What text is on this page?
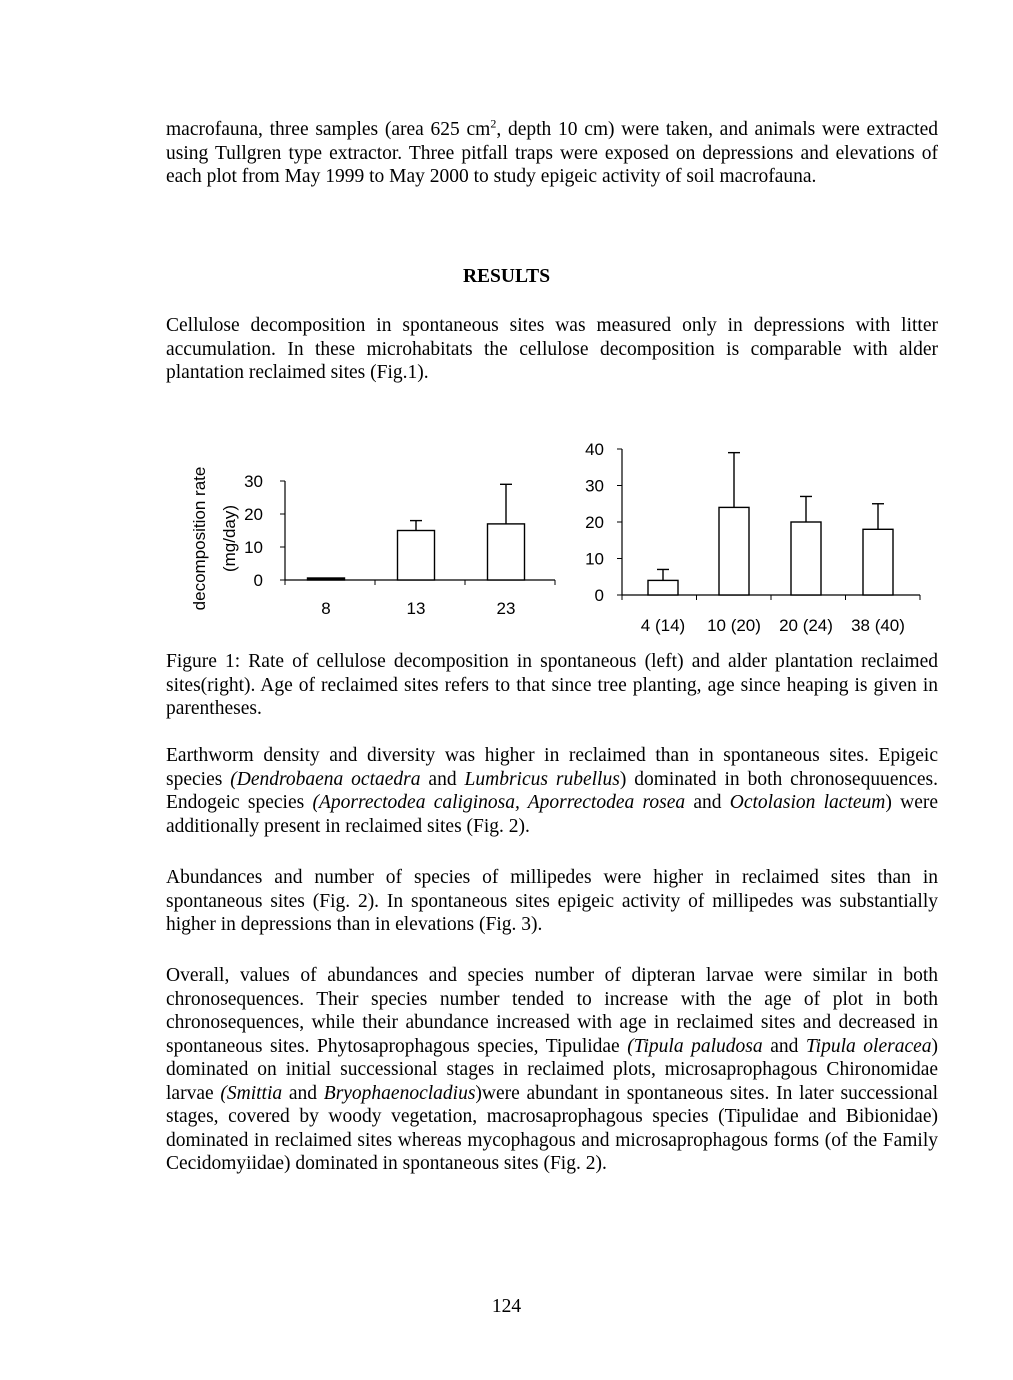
macrofauna, three samples (area 625 $cm^2$, depth 10 cm) were taken, and animals were extracted using Tullgren type extractor. Three pitfall traps were exposed on depressions and elevations of each plot from May 1999 to May 2000 to study epigeic activity of soil macrofauna.
RESULTS
Cellulose decomposition in spontaneous sites was measured only in depressions with litter accumulation. In these microhabitats the cellulose decomposition is comparable with alder plantation reclaimed sites (Fig.1).
0
10
20
30
8	13	23
decomposition rate (mg/day)
0
10
20
30
40
4 (14) 10 (20) 20 (24) 38 (40)
Figure 1: Rate of cellulose decomposition in spontaneous (left) and alder plantation reclaimed sites(right). Age of reclaimed sites refers to that since tree planting, age since heaping is given in parentheses.
Earthworm density and diversity was higher in reclaimed than in spontaneous sites. Epigeic species (Dendrobaena octaedra and Lumbricus rubellus) dominated in both chronosequuences. Endogeic species (Aporrectodea caliginosa, Aporrectodea rosea and Octolasion lacteum) were additionally present in reclaimed sites (Fig. 2).
Abundances and number of species of millipedes were higher in reclaimed sites than in spontaneous sites (Fig. 2). In spontaneous sites epigeic activity of millipedes was substantially higher in depressions than in elevations (Fig. 3).
Overall, values of abundances and species number of dipteran larvae were similar in both chronosequences. Their species number tended to increase with the age of plot in both chronosequences, while their abundance increased with age in reclaimed sites and decreased in spontaneous sites. Phytosaprophagous species, Tipulidae (Tipula paludosa and Tipula oleracea) dominated on initial successional stages in reclaimed plots, microsaprophagous Chironomidae larvae (Smittia and Bryophaenocladius)were abundant in spontaneous sites. In later successional stages, covered by woody vegetation, macrosaprophagous species (Tipulidae and Bibionidae) dominated in reclaimed sites whereas mycophagous and microsaprophagous forms (of the Family Cecidomyiidae) dominated in spontaneous sites (Fig. 2).
124
